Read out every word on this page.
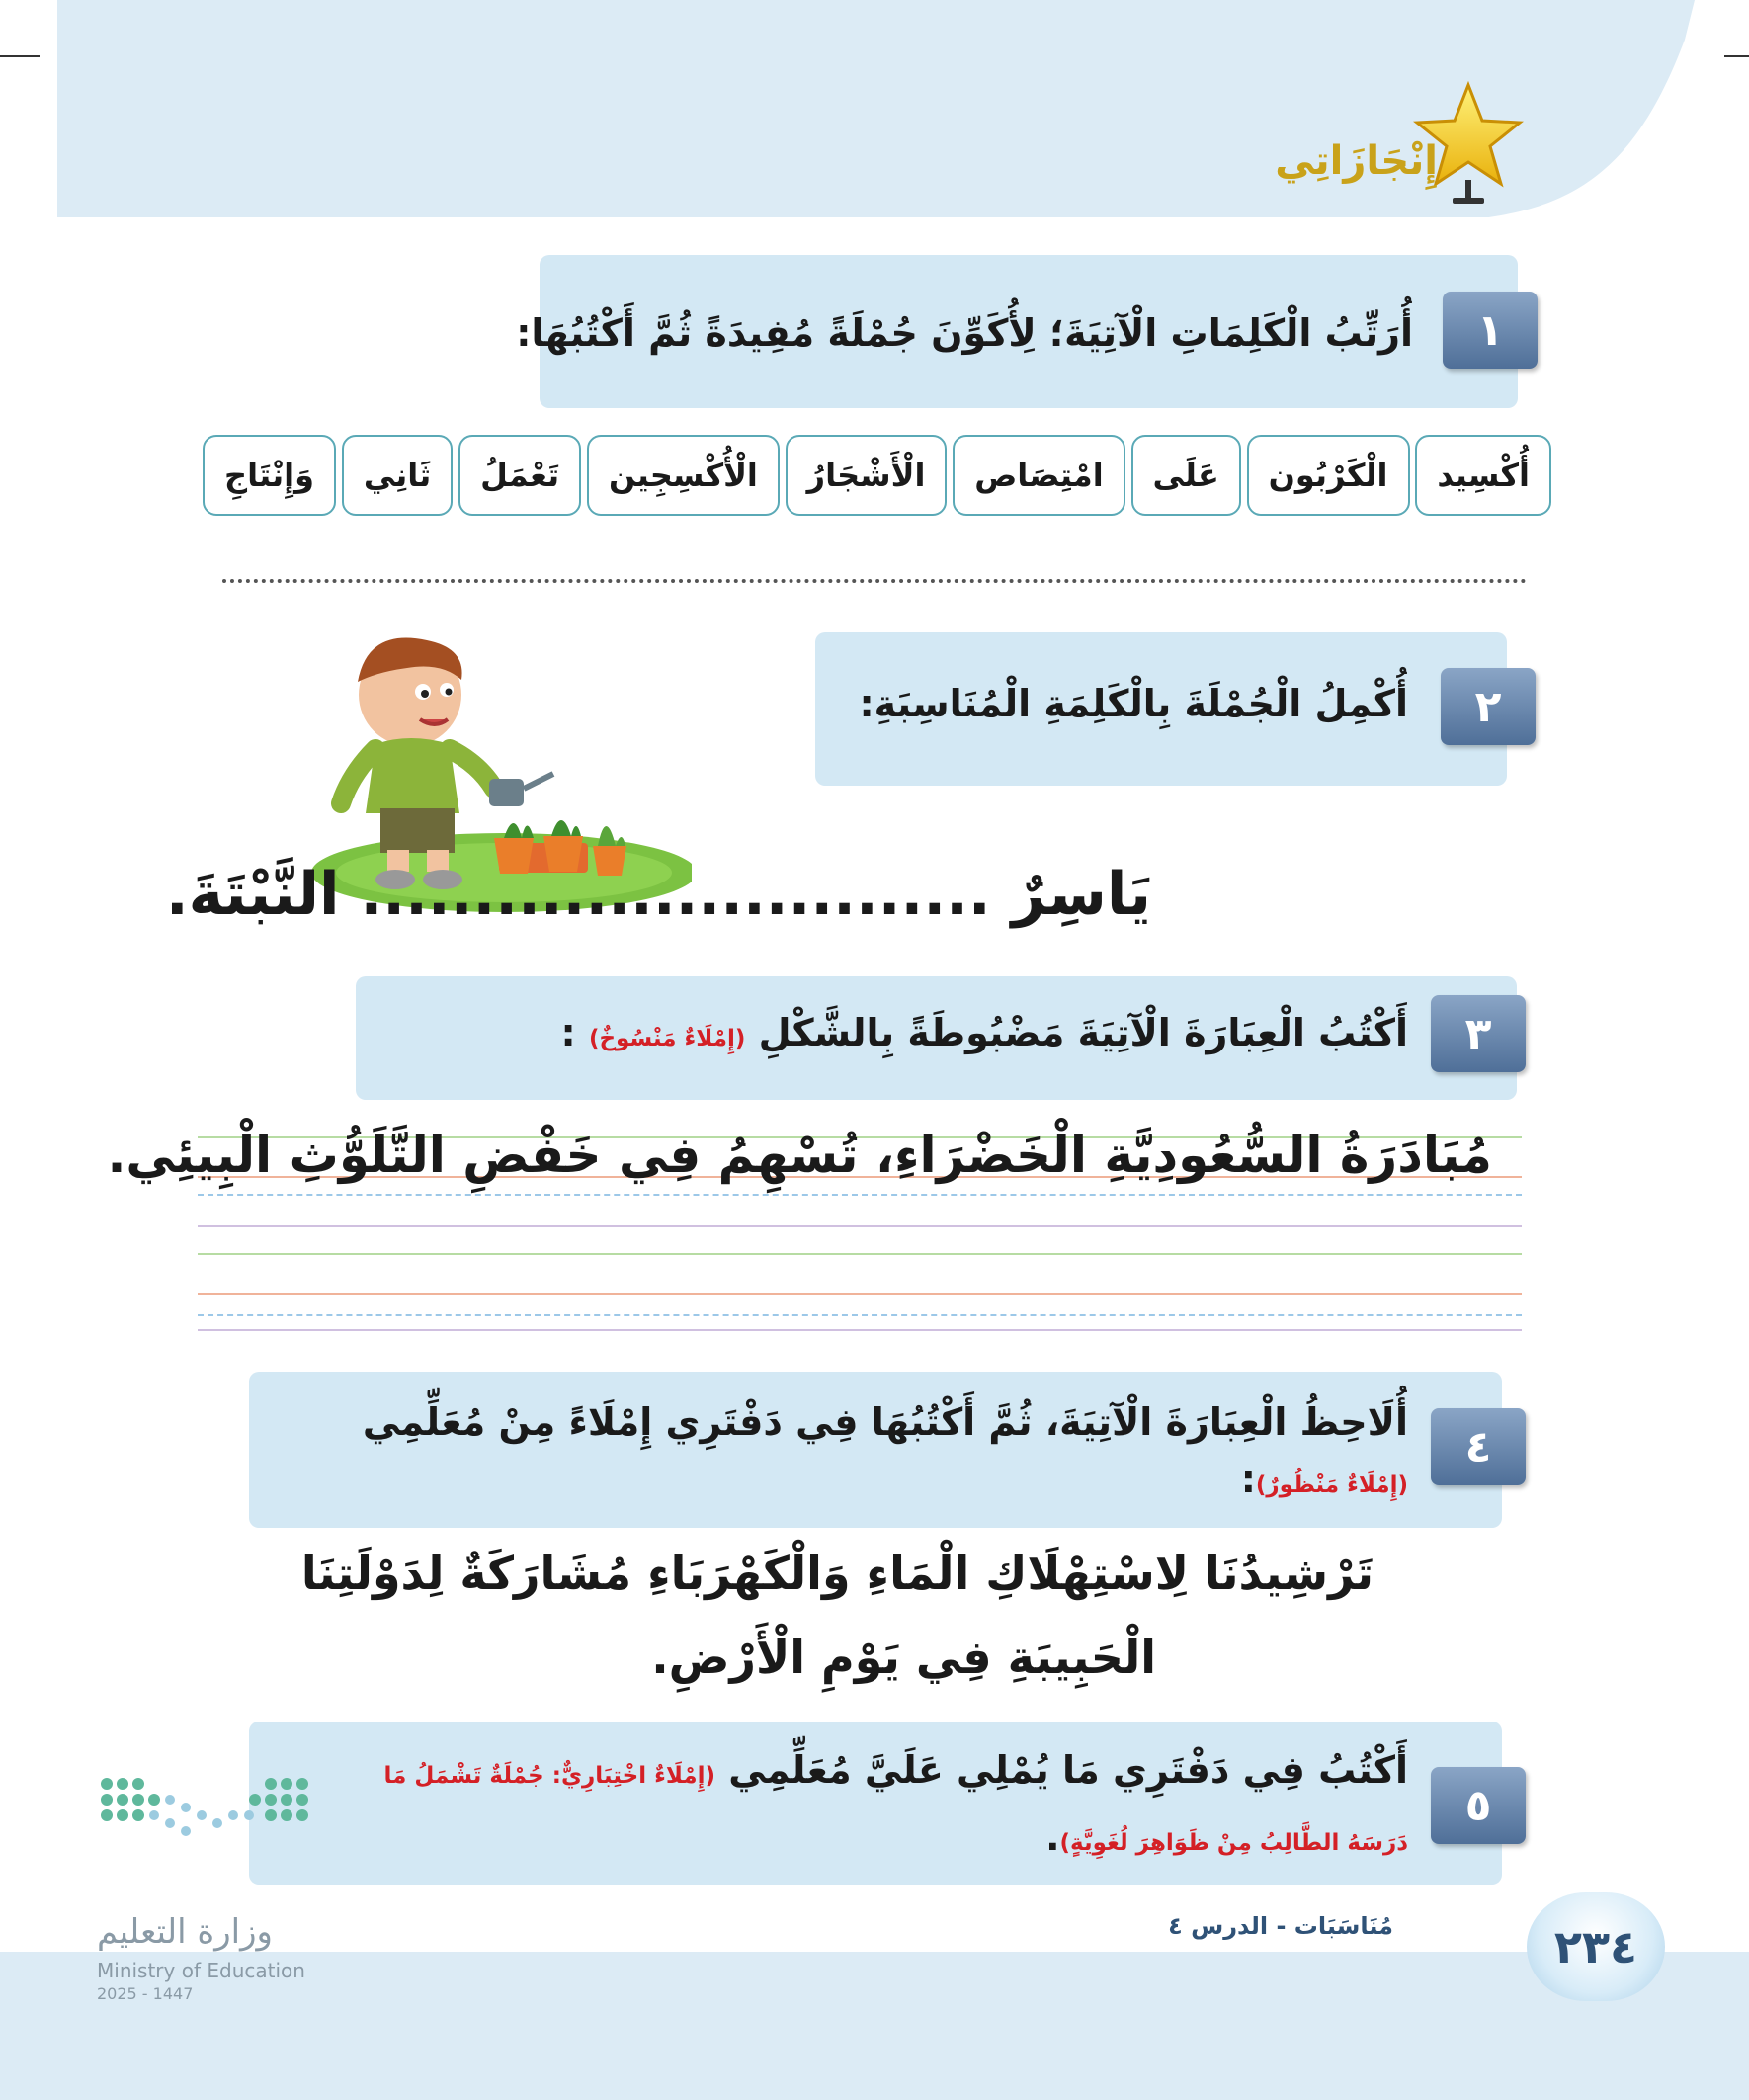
إِنْجَازَاتِي
١
أُرَتِّبُ الْكَلِمَاتِ الْآتِيَةَ؛ لِأُكَوِّنَ جُمْلَةً مُفِيدَةً ثُمَّ أَكْتُبُهَا:
وَإِنْتَاجِ	ثَانِي	تَعْمَلُ	الْأُكْسِجِين	الْأَشْجَارُ	امْتِصَاص	عَلَى	الْكَرْبُون	أُكْسِيد
٢
أُكْمِلُ الْجُمْلَةَ بِالْكَلِمَةِ الْمُنَاسِبَةِ:
يَاسِرٌ ............................ النَّبْتَةَ.
٣
أَكْتُبُ الْعِبَارَةَ الْآتِيَةَ مَضْبُوطَةً بِالشَّكْلِ (إِمْلَاءٌ مَنْسُوخٌ) :
مُبَادَرَةُ السُّعُودِيَّةِ الْخَضْرَاءِ، تُسْهِمُ فِي خَفْضِ التَّلَوُّثِ الْبِيئِي.
٤
أُلَاحِظُ الْعِبَارَةَ الْآتِيَةَ، ثُمَّ أَكْتُبُهَا فِي دَفْتَرِي إِمْلَاءً مِنْ مُعَلِّمِي (إِمْلَاءٌ مَنْظُورٌ):
تَرْشِيدُنَا لِاسْتِهْلَاكِ الْمَاءِ وَالْكَهْرَبَاءِ مُشَارَكَةٌ لِدَوْلَتِنَا
الْحَبِيبَةِ فِي يَوْمِ الْأَرْضِ.
٥
أَكْتُبُ فِي دَفْتَرِي مَا يُمْلِي عَلَيَّ مُعَلِّمِي (إِمْلَاءٌ اخْتِبَارِيٌّ: جُمْلَةٌ تَشْمَلُ مَا دَرَسَهُ الطَّالِبُ مِنْ ظَوَاهِرَ لُغَوِيَّةٍ).
وزارة التعليم
Ministry of Education
2025 - 1447
مُنَاسَبَات - الدرس ٤	٢٣٤
